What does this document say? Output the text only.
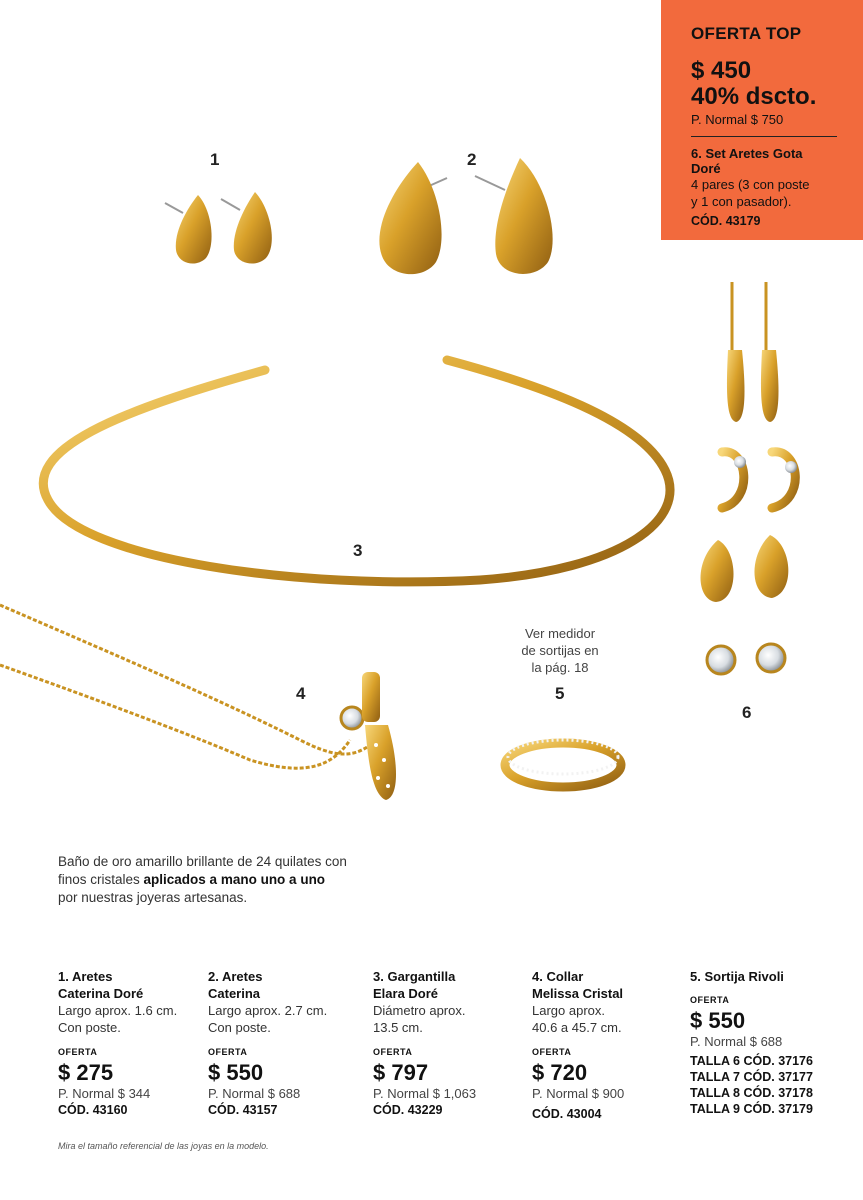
OFERTA TOP
$ 450
40% dscto.
P. Normal $ 750
6. Set Aretes Gota Doré
4 pares (3 con poste
y 1 con pasador).
CÓD. 43179
1	2
3
4	5
6
Ver medidor
de sortijas en
la pág. 18
Baño de oro amarillo brillante de 24 quilates con finos cristales aplicados a mano uno a uno por nuestras joyeras artesanas.
1. Aretes
Caterina Doré
Largo aprox. 1.6 cm.
Con poste.
OFERTA
$ 275
P. Normal $ 344
CÓD. 43160
2. Aretes
Caterina
Largo aprox. 2.7 cm.
Con poste.
OFERTA
$ 550
P. Normal $ 688
CÓD. 43157
3. Gargantilla
Elara Doré
Diámetro aprox.
13.5 cm.
OFERTA
$ 797
P. Normal $ 1,063
CÓD. 43229
4. Collar
Melissa Cristal
Largo aprox.
40.6 a 45.7 cm.
OFERTA
$ 720
P. Normal $ 900
CÓD. 43004
5. Sortija Rivoli
OFERTA
$ 550
P. Normal $ 688
TALLA 6 CÓD. 37176
TALLA 7 CÓD. 37177
TALLA 8 CÓD. 37178
TALLA 9 CÓD. 37179
Mira el tamaño referencial de las joyas en la modelo.
